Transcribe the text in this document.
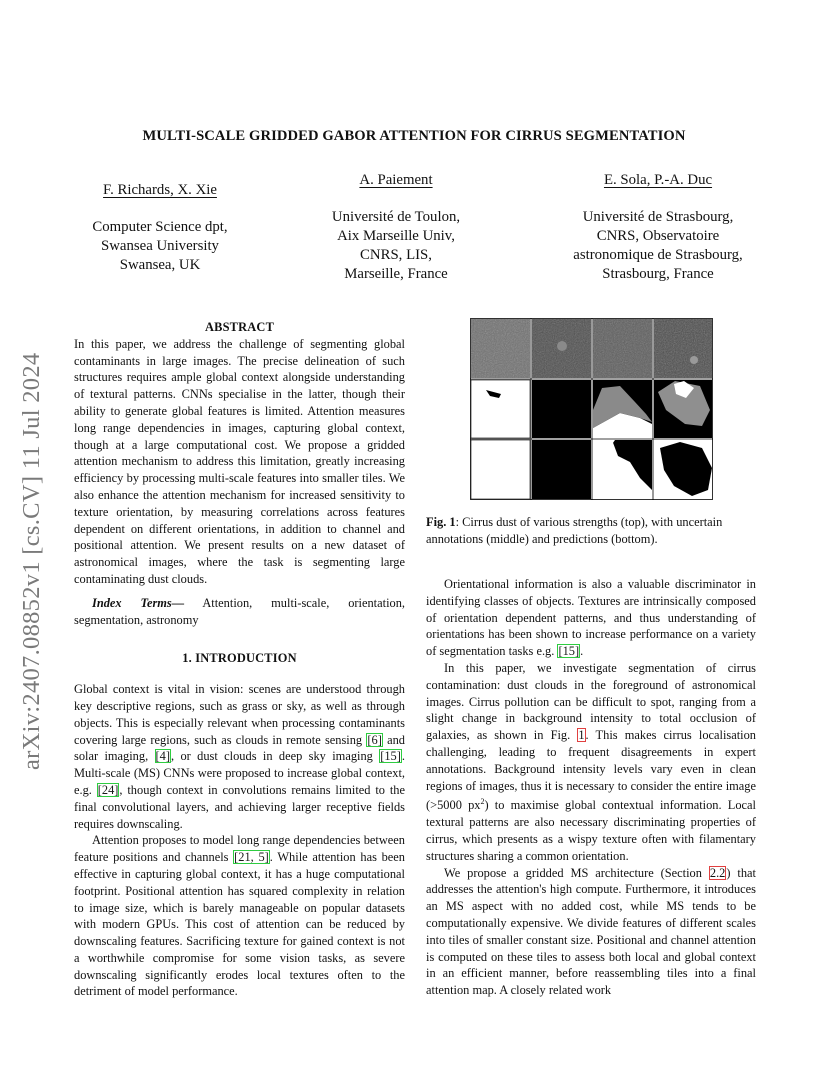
arXiv:2407.08852v1 [cs.CV] 11 Jul 2024
MULTI-SCALE GRIDDED GABOR ATTENTION FOR CIRRUS SEGMENTATION
F. Richards, X. Xie
Computer Science dpt,
Swansea University
Swansea, UK
A. Paiement
Université de Toulon,
Aix Marseille Univ,
CNRS, LIS,
Marseille, France
E. Sola, P.-A. Duc
Université de Strasbourg,
CNRS, Observatoire
astronomique de Strasbourg,
Strasbourg, France
ABSTRACT

In this paper, we address the challenge of segmenting global contaminants in large images. The precise delineation of such structures requires ample global context alongside understanding of textural patterns. CNNs specialise in the latter, though their ability to generate global features is limited. Attention measures long range dependencies in images, capturing global context, though at a large computational cost. We propose a gridded attention mechanism to address this limitation, greatly increasing efficiency by processing multi-scale features into smaller tiles. We also enhance the attention mechanism for increased sensitivity to texture orientation, by measuring correlations across features dependent on different orientations, in addition to channel and positional attention. We present results on a new dataset of astronomical images, where the task is segmenting large contaminating dust clouds.

Index Terms— Attention, multi-scale, orientation, segmentation, astronomy

1. INTRODUCTION

Global context is vital in vision: scenes are understood through key descriptive regions, such as grass or sky, as well as through objects. This is especially relevant when processing contaminants covering large regions, such as clouds in remote sensing [6] and solar imaging, [4], or dust clouds in deep sky imaging [15]. Multi-scale (MS) CNNs were proposed to increase global context, e.g. [24], though context in convolutions remains limited to the final convolutional layers, and achieving larger receptive fields requires downscaling.

Attention proposes to model long range dependencies between feature positions and channels [21, 5]. While attention has been effective in capturing global context, it has a huge computational footprint. Positional attention has squared complexity in relation to image size, which is barely manageable on popular datasets with modern GPUs. This cost of attention can be reduced by downscaling features. Sacrificing texture for gained context is not a worthwhile compromise for some vision tasks, as severe downscaling significantly erodes local textures often to the detriment of model performance.

Fig. 1: Cirrus dust of various strengths (top), with uncertain annotations (middle) and predictions (bottom).

Orientational information is also a valuable discriminator in identifying classes of objects. Textures are intrinsically composed of orientation dependent patterns, and thus understanding of orientations has been shown to increase performance on a variety of segmentation tasks e.g. [15].

In this paper, we investigate segmentation of cirrus contamination: dust clouds in the foreground of astronomical images. Cirrus pollution can be difficult to spot, ranging from a slight change in background intensity to total occlusion of galaxies, as shown in Fig. 1. This makes cirrus localisation challenging, leading to frequent disagreements in expert annotations. Background intensity levels vary even in clean regions of images, thus it is necessary to consider the entire image (>5000 $px^2$) to maximise global contextual information. Local textural patterns are also necessary discriminating properties of cirrus, which presents as a wispy texture often with filamentary structures sharing a common orientation.

We propose a gridded MS architecture (Section 2.2) that addresses the attention's high compute. Furthermore, it introduces an MS aspect with no added cost, while MS tends to be computationally expensive. We divide features of different scales into tiles of smaller constant size. Positional and channel attention is computed on these tiles to assess both local and global context in an efficient manner, before reassembling tiles into a final attention map. A closely related work
